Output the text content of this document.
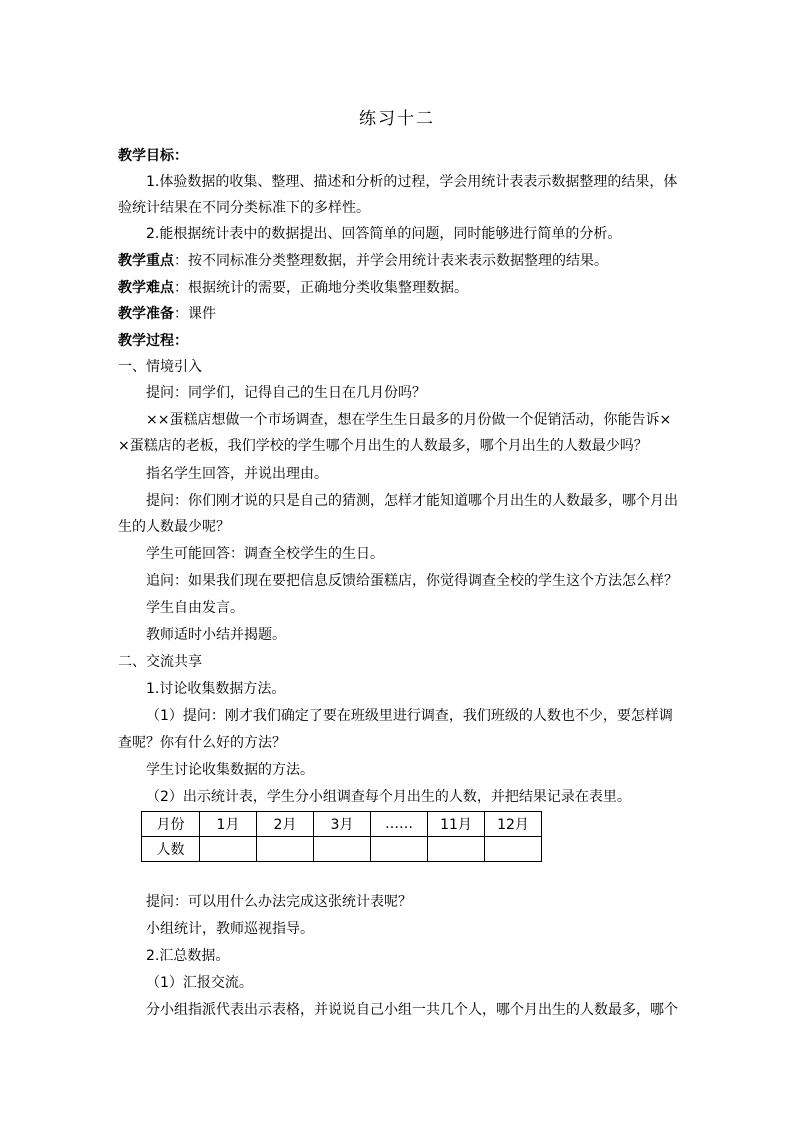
练习十二
教学目标：
1.体验数据的收集、整理、描述和分析的过程，学会用统计表表示数据整理的结果，体
验统计结果在不同分类标准下的多样性。
2.能根据统计表中的数据提出、回答简单的问题，同时能够进行简单的分析。
教学重点：按不同标准分类整理数据，并学会用统计表来表示数据整理的结果。
教学难点：根据统计的需要，正确地分类收集整理数据。
教学准备：课件
教学过程：
一、情境引入
提问：同学们，记得自己的生日在几月份吗？
××蛋糕店想做一个市场调查，想在学生生日最多的月份做一个促销活动，你能告诉×
×蛋糕店的老板，我们学校的学生哪个月出生的人数最多，哪个月出生的人数最少吗？
指名学生回答，并说出理由。
提问：你们刚才说的只是自己的猜测，怎样才能知道哪个月出生的人数最多，哪个月出
生的人数最少呢？
学生可能回答：调查全校学生的生日。
追问：如果我们现在要把信息反馈给蛋糕店，你觉得调查全校的学生这个方法怎么样？
学生自由发言。
教师适时小结并揭题。
二、交流共享
1.讨论收集数据方法。
（1）提问：刚才我们确定了要在班级里进行调查，我们班级的人数也不少，要怎样调
查呢？你有什么好的方法？
学生讨论收集数据的方法。
（2）出示统计表，学生分小组调查每个月出生的人数，并把结果记录在表里。
月份	1月	2月	3月	……	11月	12月
人数						
提问：可以用什么办法完成这张统计表呢？
小组统计，教师巡视指导。
2.汇总数据。
（1）汇报交流。
分小组指派代表出示表格，并说说自己小组一共几个人，哪个月出生的人数最多，哪个
